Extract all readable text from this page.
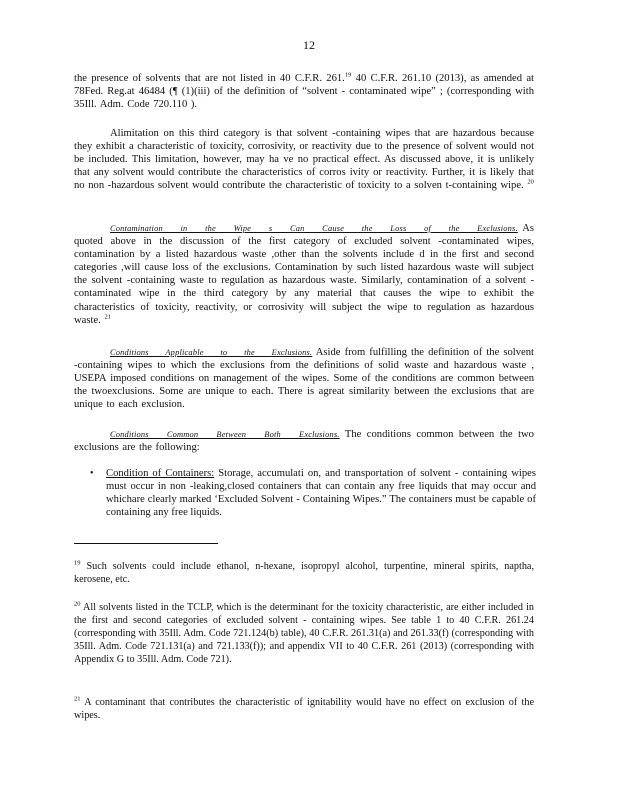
12

the presence of solvents that are not listed in 40 C.F.R. 261.19 40 C.F.R. 261.10 (2013), as amended at 78Fed. Reg.at 46484 (¶ (1)(iii) of the definition of “solvent - contaminated wipe” ; (corresponding with 35Ill. Adm. Code 720.110 ).

Alimitation on this third category is that solvent -containing wipes that are hazardous because they exhibit a characteristic of toxicity, corrosivity, or reactivity due to the presence of solvent would not be included. This limitation, however, may ha ve no practical effect. As discussed above, it is unlikely that any solvent would contribute the characteristics of corros ivity or reactivity. Further, it is likely that no non -hazardous solvent would contribute the characteristic of toxicity to a solven t-containing wipe. $^{20}$

Contamination in the Wipe s Can Cause the Loss of the Exclusions. As quoted above in the discussion of the first category of excluded solvent -contaminated wipes, contamination by a listed hazardous waste ,other than the solvents include d in the first and second categories ,will cause loss of the exclusions. Contamination by such listed hazardous waste will subject the solvent -containing waste to regulation as hazardous waste. Similarly, contamination of a solvent -contaminated wipe in the third category by any material that causes the wipe to exhibit the characteristics of toxicity, reactivity, or corrosivity will subject the wipe to regulation as hazardous waste. $^{21}$

Conditions Applicable to the Exclusions. Aside from fulfilling the definition of the solvent -containing wipes to which the exclusions from the definitions of solid waste and hazardous waste , USEPA imposed conditions on management of the wipes. Some of the conditions are common between the twoexclusions. Some are unique to each. There is agreat similarity between the exclusions that are unique to each exclusion.

Conditions Common Between Both Exclusions. The conditions common between the two exclusions are the following:

• Condition of Containers: Storage, accumulati on, and transportation of solvent - containing wipes must occur in non -leaking,closed containers that can contain any free liquids that may occur and whichare clearly marked ‘Excluded Solvent - Containing Wipes.” The containers must be capable of containing any free liquids.

$^{19}$ Such solvents could include ethanol, n-hexane, isopropyl alcohol, turpentine, mineral spirits, naptha, kerosene, etc.

$^{20}$ All solvents listed in the TCLP, which is the determinant for the toxicity characteristic, are either included in the first and second categories of excluded solvent - containing wipes. See table 1 to 40 C.F.R. 261.24 (corresponding with 35Ill. Adm. Code 721.124(b) table), 40 C.F.R. 261.31(a) and 261.33(f) (corresponding with 35Ill. Adm. Code 721.131(a) and 721.133(f)); and appendix VII to 40 C.F.R. 261 (2013) (corresponding with Appendix G to 35Ill. Adm. Code 721).

$^{21}$ A contaminant that contributes the characteristic of ignitability would have no effect on exclusion of the wipes.
